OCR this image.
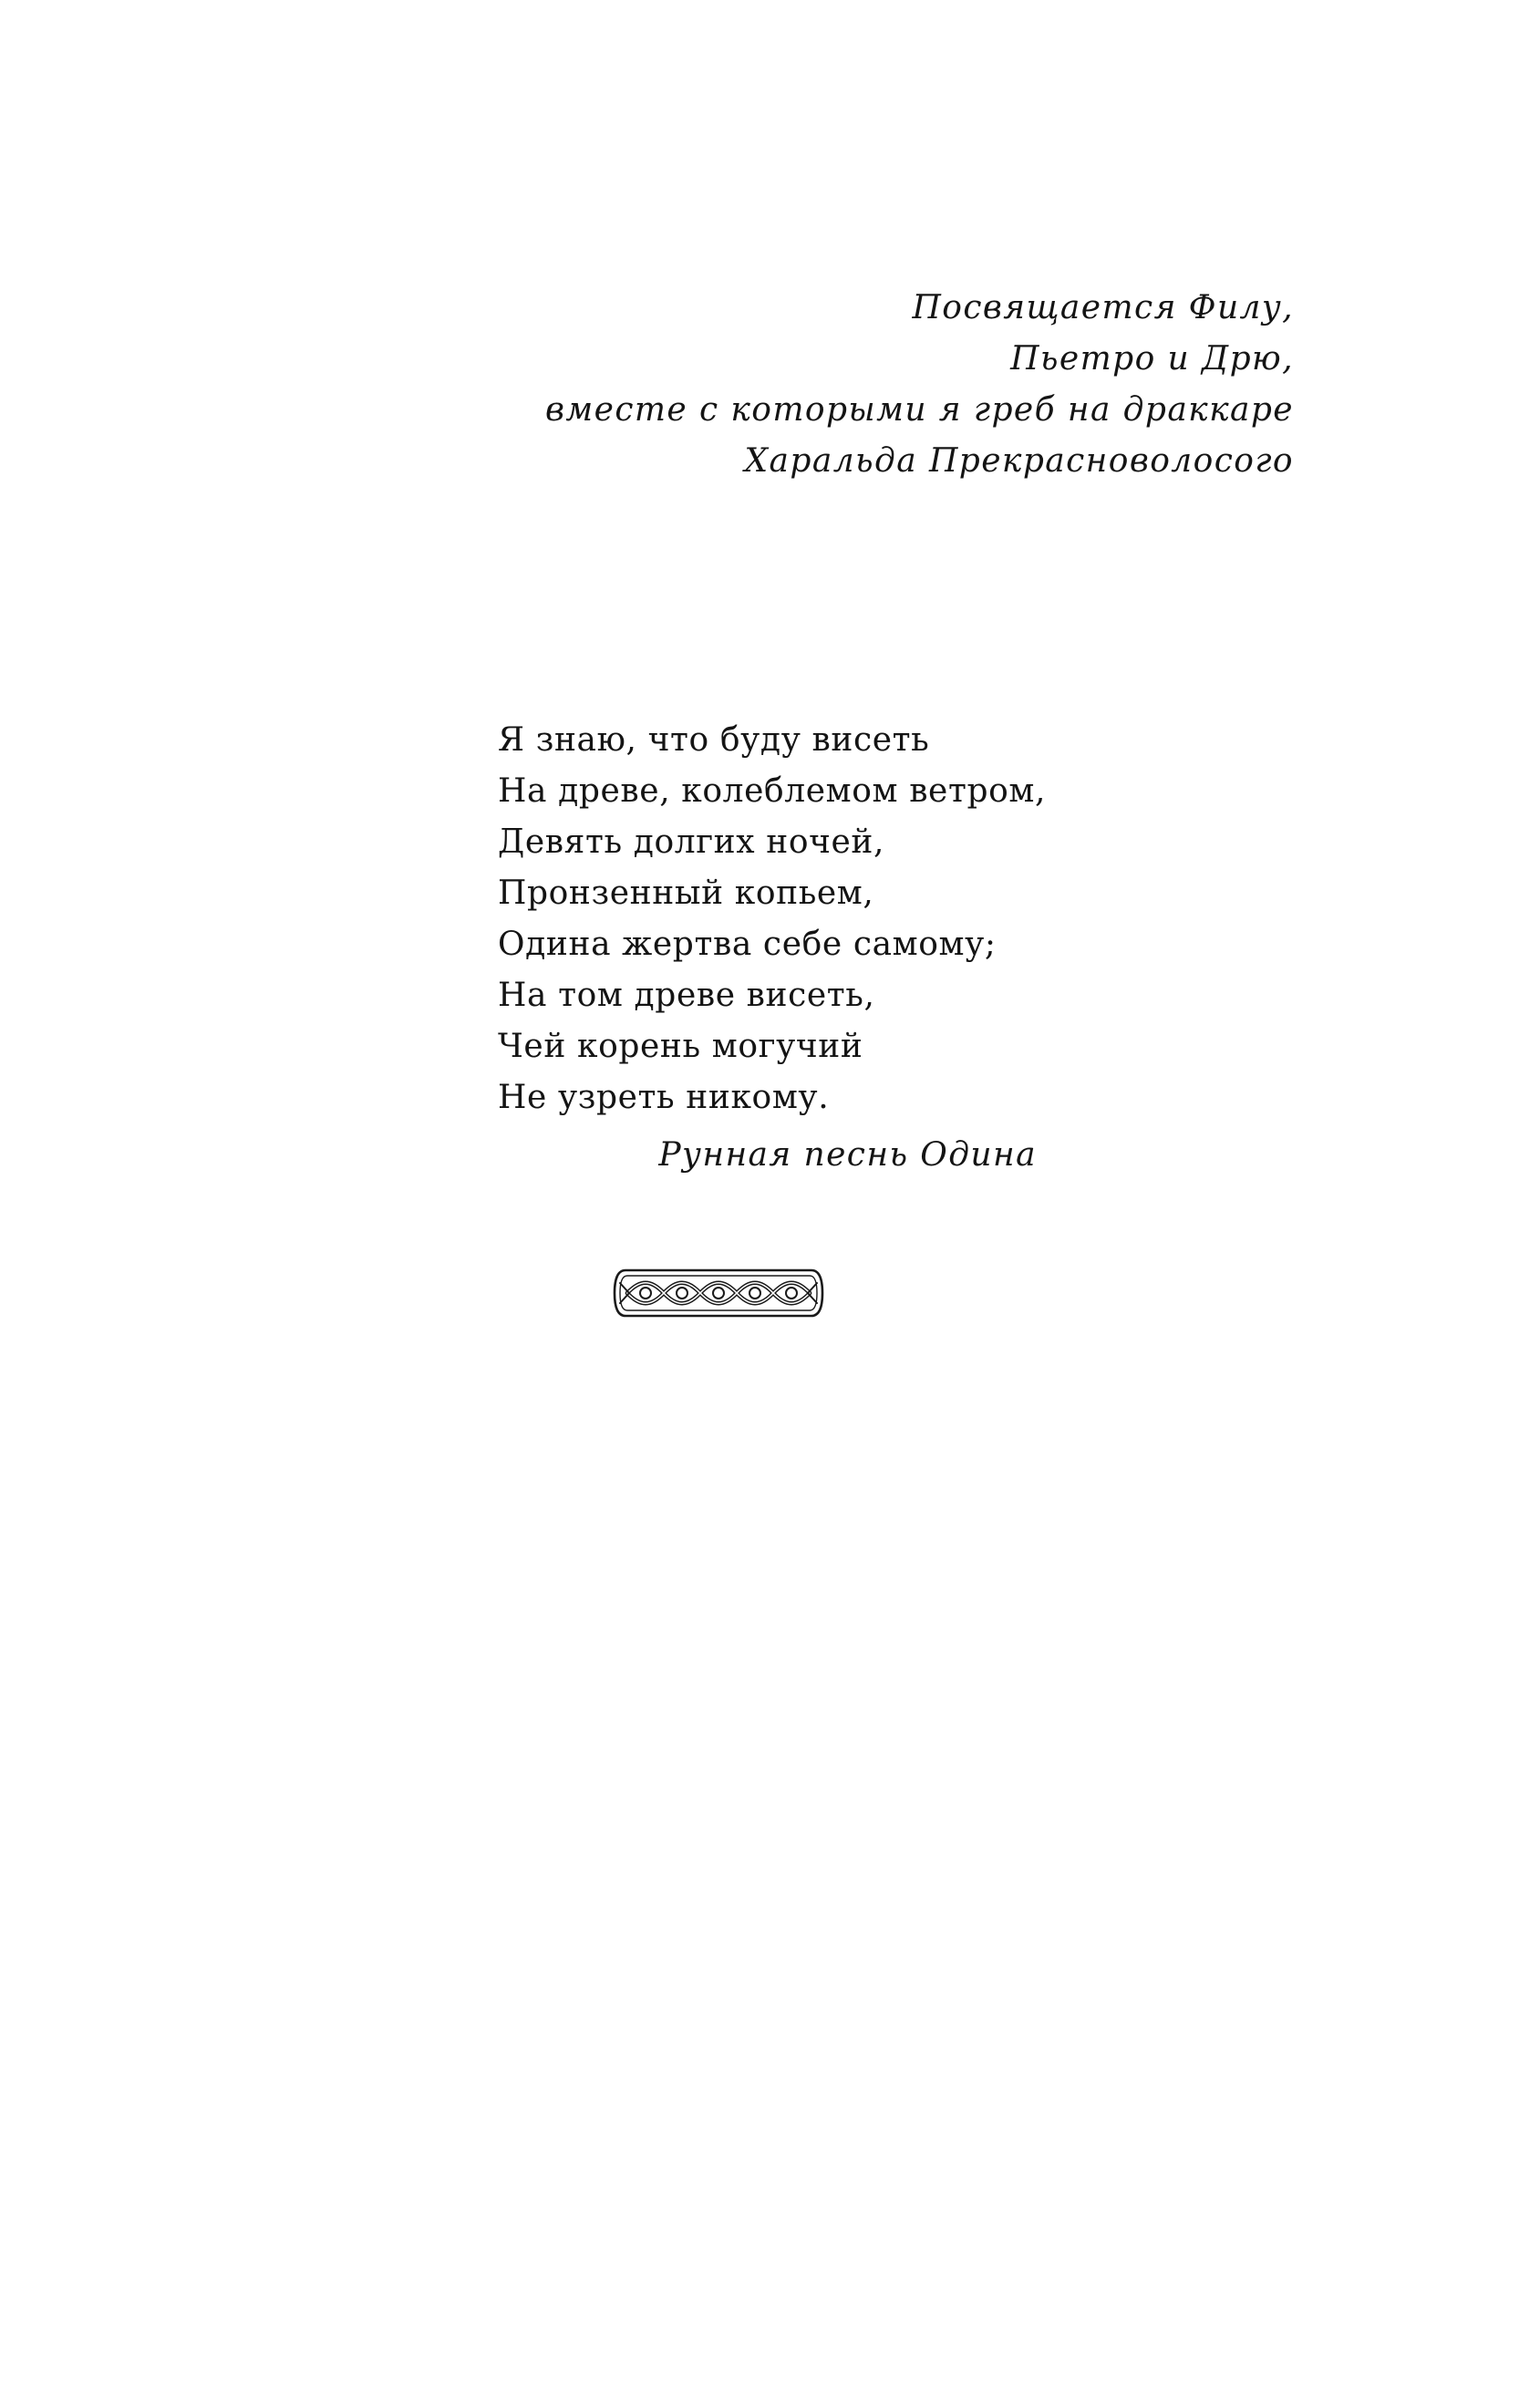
Посвящается Филу,
Пьетро и Дрю,
вместе с которыми я греб на драккаре
Харальда Прекрасноволосого
Я знаю, что буду висеть
На древе, колеблемом ветром,
Девять долгих ночей,
Пронзенный копьем,
Одина жертва себе самому;
На том древе висеть,
Чей корень могучий
Не узреть никому.
Рунная песнь Одина
